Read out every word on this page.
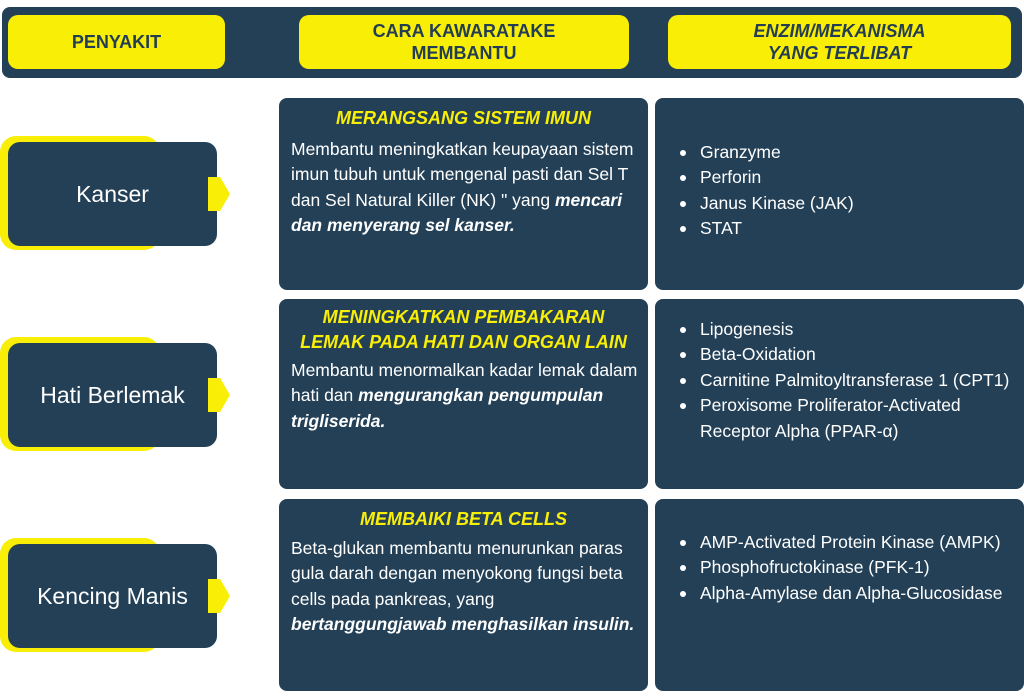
PENYAKIT
CARA KAWARATAKE
MEMBANTU
ENZIM/MEKANISMA
YANG TERLIBAT
Kanser
MERANGSANG SISTEM IMUN
Membantu meningkatkan keupayaan sistem imun tubuh untuk mengenal pasti dan Sel T dan Sel Natural Killer (NK) " yang mencari dan menyerang sel kanser.
Granzyme
Perforin
Janus Kinase (JAK)
STAT
Hati Berlemak
MENINGKATKAN PEMBAKARAN
LEMAK PADA HATI DAN ORGAN LAIN
Membantu menormalkan kadar lemak dalam hati dan mengurangkan pengumpulan trigliserida.
Lipogenesis
Beta-Oxidation
Carnitine Palmitoyltransferase 1 (CPT1)
Peroxisome Proliferator-Activated Receptor Alpha (PPAR-α)
Kencing Manis
MEMBAIKI BETA CELLS
Beta-glukan membantu menurunkan paras gula darah dengan menyokong fungsi beta cells pada pankreas, yang bertanggungjawab menghasilkan insulin.
AMP-Activated Protein Kinase (AMPK)
Phosphofructokinase (PFK-1)
Alpha-Amylase dan Alpha-Glucosidase
